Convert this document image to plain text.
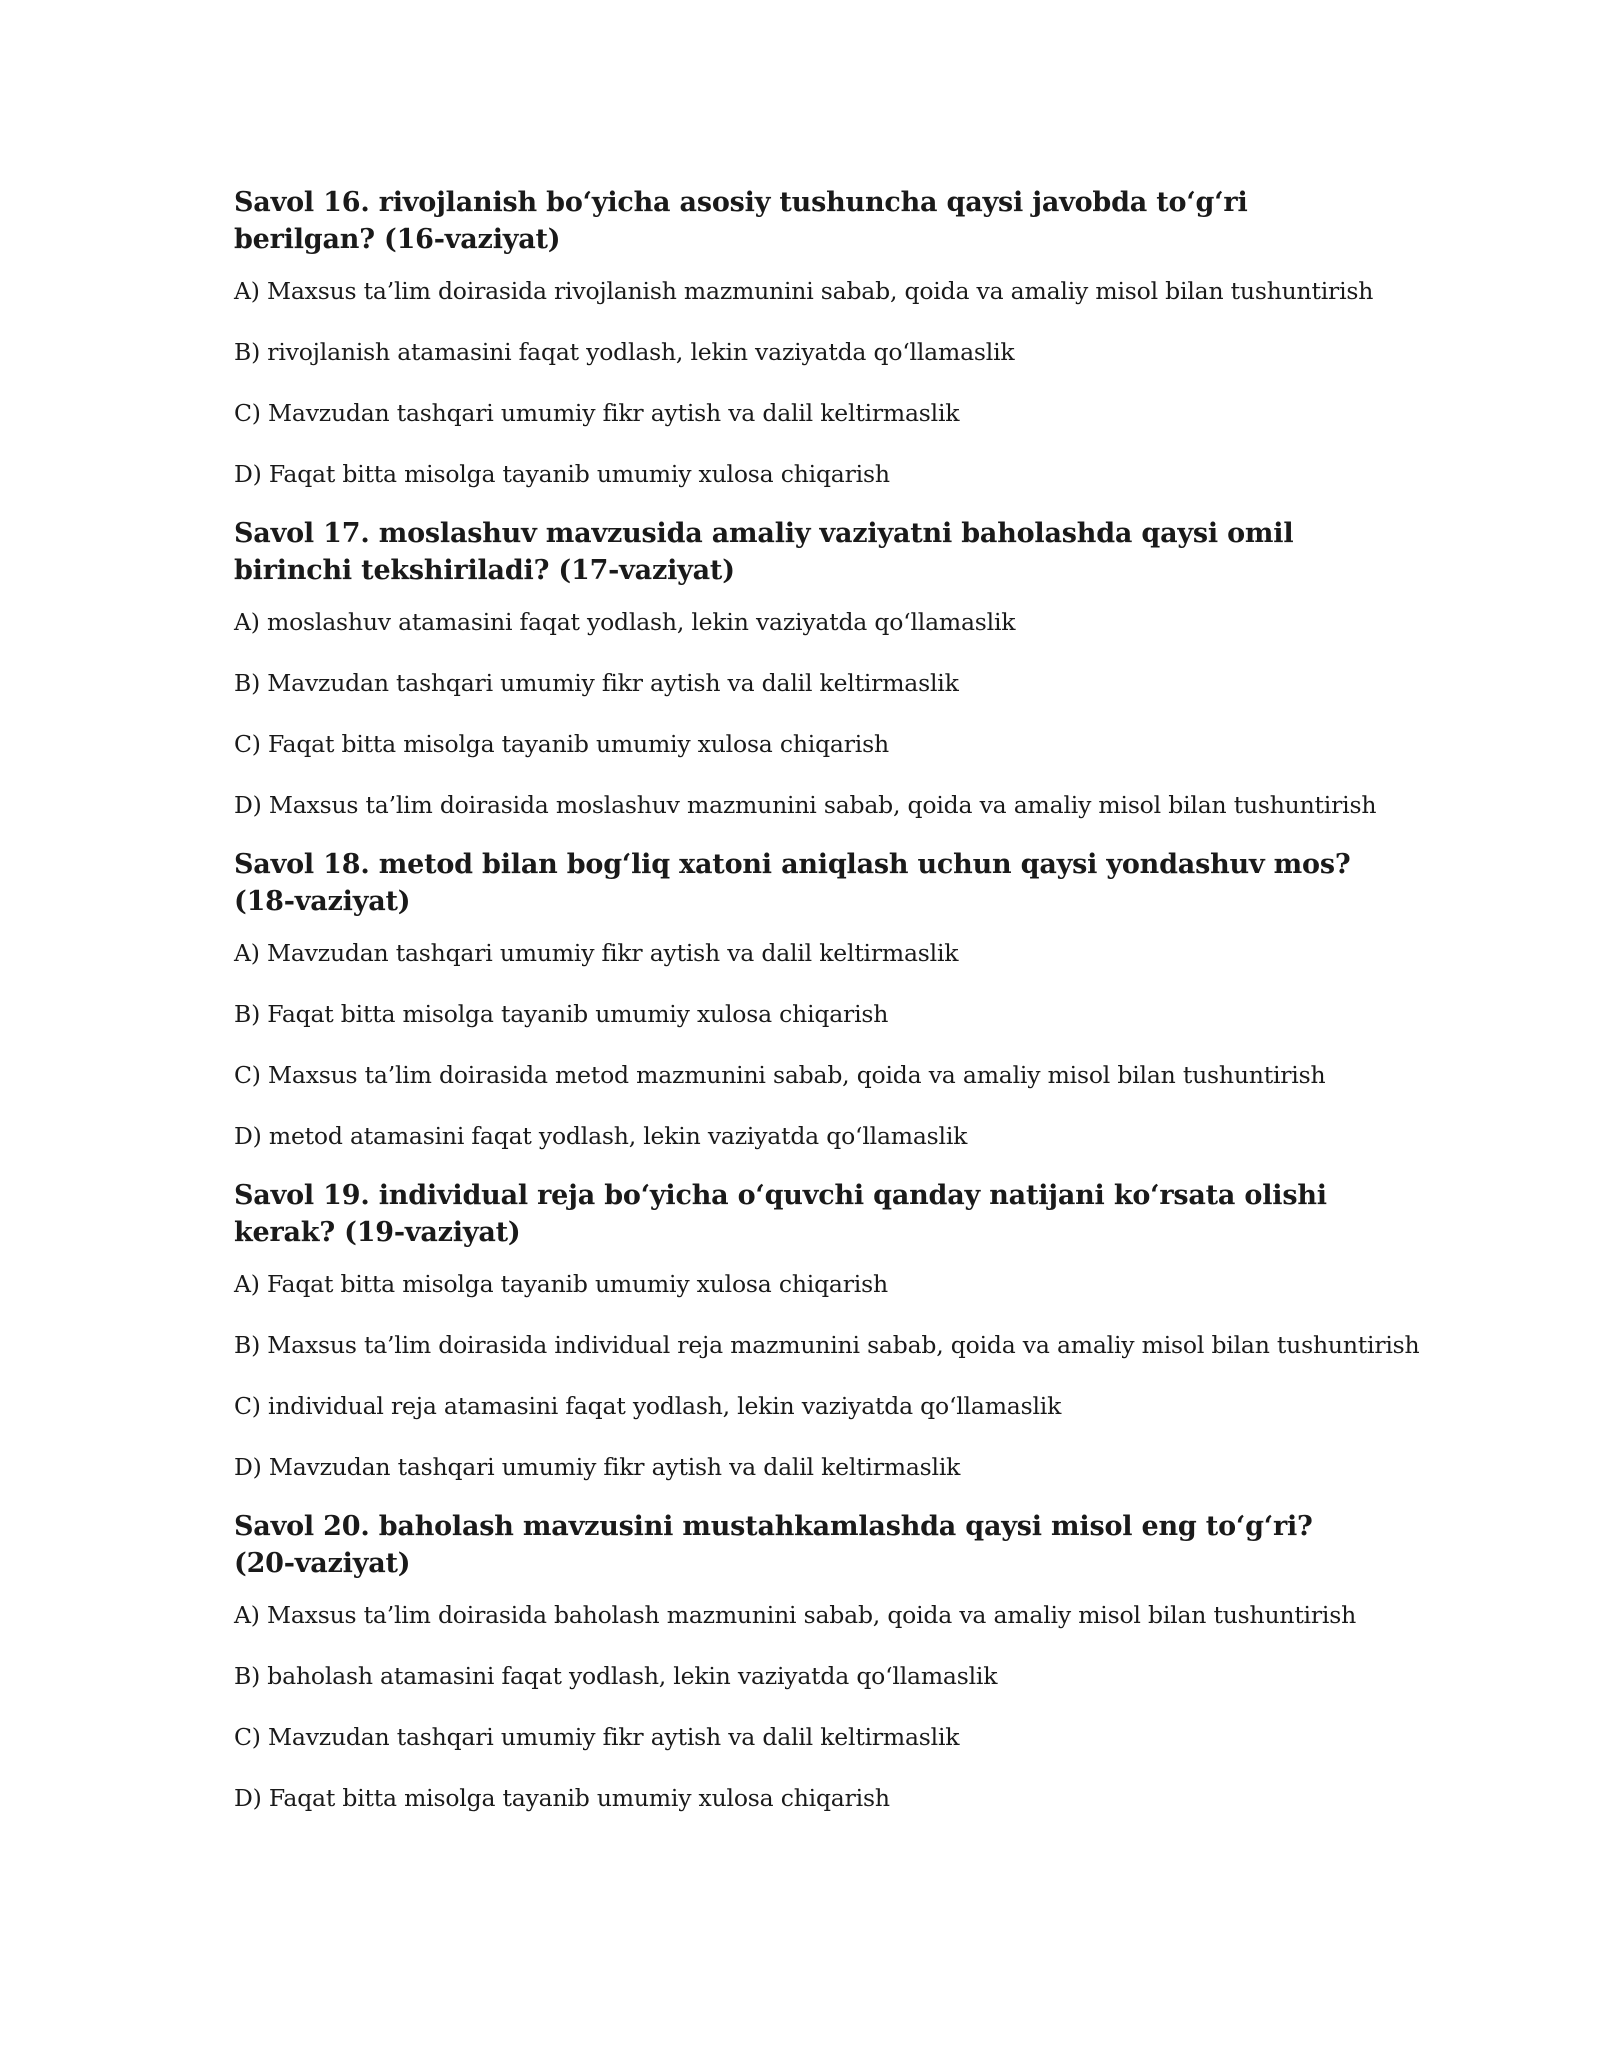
Savol 16. rivojlanish bo‘yicha asosiy tushuncha qaysi javobda to‘g‘ri berilgan? (16-vaziyat)

A) Maxsus ta’lim doirasida rivojlanish mazmunini sabab, qoida va amaliy misol bilan tushuntirish

B) rivojlanish atamasini faqat yodlash, lekin vaziyatda qo‘llamaslik

C) Mavzudan tashqari umumiy fikr aytish va dalil keltirmaslik

D) Faqat bitta misolga tayanib umumiy xulosa chiqarish

Savol 17. moslashuv mavzusida amaliy vaziyatni baholashda qaysi omil birinchi tekshiriladi? (17-vaziyat)

A) moslashuv atamasini faqat yodlash, lekin vaziyatda qo‘llamaslik

B) Mavzudan tashqari umumiy fikr aytish va dalil keltirmaslik

C) Faqat bitta misolga tayanib umumiy xulosa chiqarish

D) Maxsus ta’lim doirasida moslashuv mazmunini sabab, qoida va amaliy misol bilan tushuntirish

Savol 18. metod bilan bog‘liq xatoni aniqlash uchun qaysi yondashuv mos? (18-vaziyat)

A) Mavzudan tashqari umumiy fikr aytish va dalil keltirmaslik

B) Faqat bitta misolga tayanib umumiy xulosa chiqarish

C) Maxsus ta’lim doirasida metod mazmunini sabab, qoida va amaliy misol bilan tushuntirish

D) metod atamasini faqat yodlash, lekin vaziyatda qo‘llamaslik

Savol 19. individual reja bo‘yicha o‘quvchi qanday natijani ko‘rsata olishi kerak? (19-vaziyat)

A) Faqat bitta misolga tayanib umumiy xulosa chiqarish

B) Maxsus ta’lim doirasida individual reja mazmunini sabab, qoida va amaliy misol bilan tushuntirish

C) individual reja atamasini faqat yodlash, lekin vaziyatda qo‘llamaslik

D) Mavzudan tashqari umumiy fikr aytish va dalil keltirmaslik

Savol 20. baholash mavzusini mustahkamlashda qaysi misol eng to‘g‘ri? (20-vaziyat)

A) Maxsus ta’lim doirasida baholash mazmunini sabab, qoida va amaliy misol bilan tushuntirish

B) baholash atamasini faqat yodlash, lekin vaziyatda qo‘llamaslik

C) Mavzudan tashqari umumiy fikr aytish va dalil keltirmaslik

D) Faqat bitta misolga tayanib umumiy xulosa chiqarish
